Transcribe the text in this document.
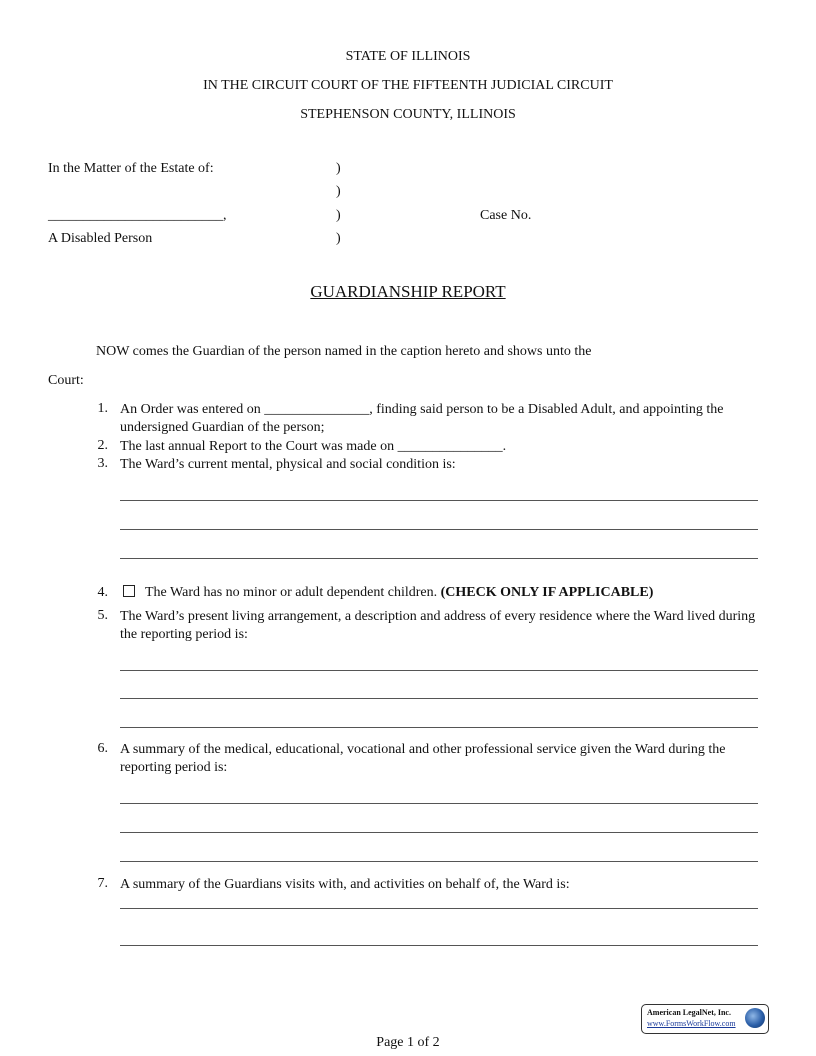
STATE OF ILLINOIS
IN THE CIRCUIT COURT OF THE FIFTEENTH JUDICIAL CIRCUIT
STEPHENSON COUNTY, ILLINOIS
In the Matter of the Estate of:
_________________________,
A Disabled Person
)
)
)
)
Case No.
GUARDIANSHIP REPORT
NOW comes the Guardian of the person named in the caption hereto and shows unto the
Court:
1. An Order was entered on _______________, finding said person to be a Disabled Adult, and appointing the undersigned Guardian of the person;
2. The last annual Report to the Court was made on _______________.
3. The Ward’s current mental, physical and social condition is:
4.	The Ward has no minor or adult dependent children. (CHECK ONLY IF APPLICABLE)
5. The Ward’s present living arrangement, a description and address of every residence where the Ward lived during the reporting period is:
6. A summary of the medical, educational, vocational and other professional service given the Ward during the reporting period is:
7. A summary of the Guardians visits with, and activities on behalf of, the Ward is:
American LegalNet, Inc.
www.FormsWorkFlow.com
Page 1 of 2
